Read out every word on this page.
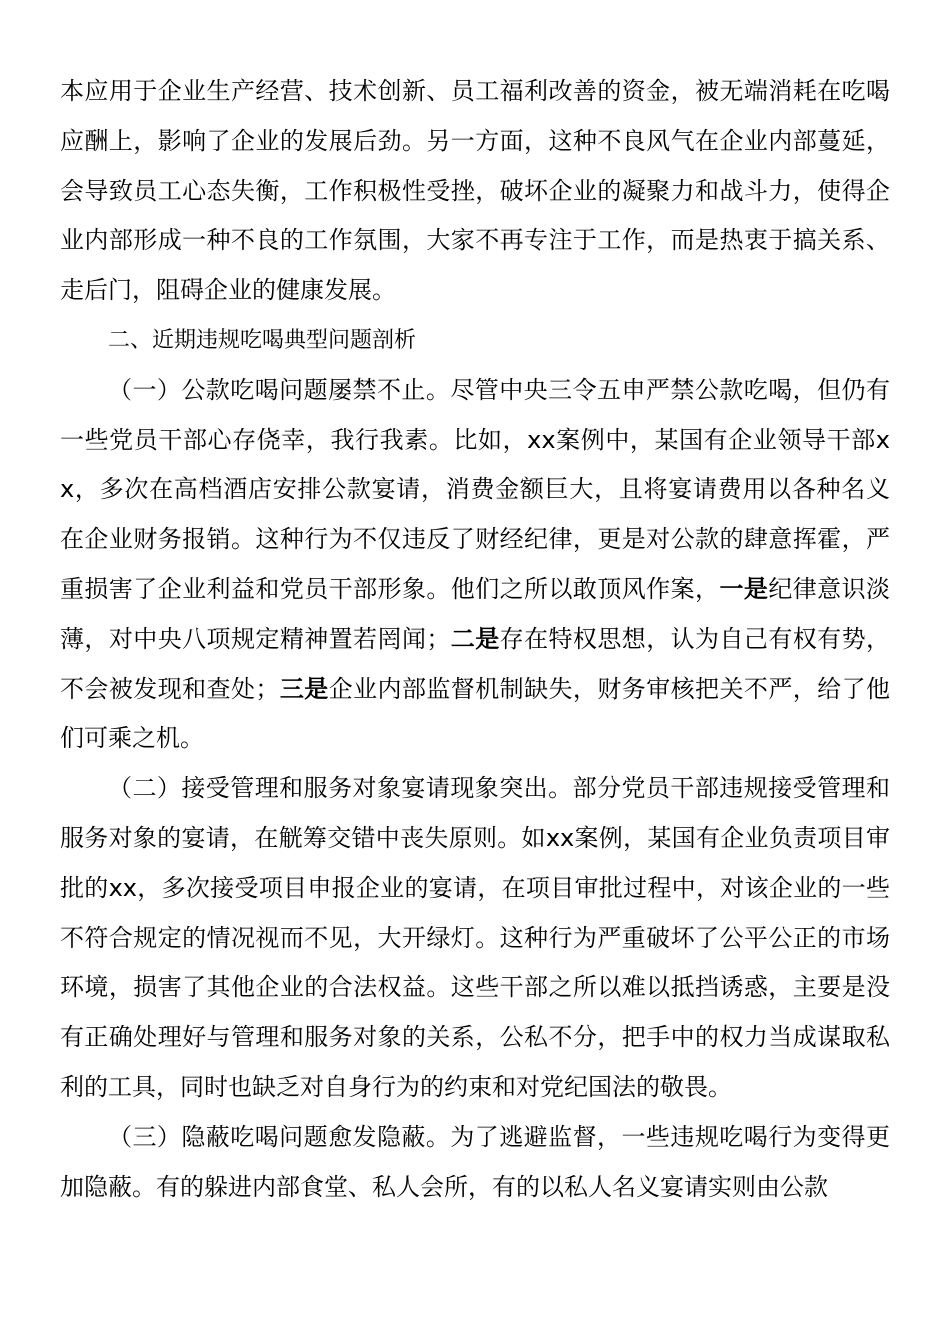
本应用于企业生产经营、技术创新、员工福利改善的资金，被无端消耗在吃喝应酬上，影响了企业的发展后劲。另一方面，这种不良风气在企业内部蔓延，会导致员工心态失衡，工作积极性受挫，破坏企业的凝聚力和战斗力，使得企业内部形成一种不良的工作氛围，大家不再专注于工作，而是热衷于搞关系、走后门，阻碍企业的健康发展。

二、近期违规吃喝典型问题剖析

（一）公款吃喝问题屡禁不止。尽管中央三令五申严禁公款吃喝，但仍有一些党员干部心存侥幸，我行我素。比如，xx案例中，某国有企业领导干部xx，多次在高档酒店安排公款宴请，消费金额巨大，且将宴请费用以各种名义在企业财务报销。这种行为不仅违反了财经纪律，更是对公款的肆意挥霍，严重损害了企业利益和党员干部形象。他们之所以敢顶风作案，一是纪律意识淡薄，对中央八项规定精神置若罔闻；二是存在特权思想，认为自己有权有势，不会被发现和查处；三是企业内部监督机制缺失，财务审核把关不严，给了他们可乘之机。

（二）接受管理和服务对象宴请现象突出。部分党员干部违规接受管理和服务对象的宴请，在觥筹交错中丧失原则。如xx案例，某国有企业负责项目审批的xx，多次接受项目申报企业的宴请，在项目审批过程中，对该企业的一些不符合规定的情况视而不见，大开绿灯。这种行为严重破坏了公平公正的市场环境，损害了其他企业的合法权益。这些干部之所以难以抵挡诱惑，主要是没有正确处理好与管理和服务对象的关系，公私不分，把手中的权力当成谋取私利的工具，同时也缺乏对自身行为的约束和对党纪国法的敬畏。

（三）隐蔽吃喝问题愈发隐蔽。为了逃避监督，一些违规吃喝行为变得更加隐蔽。有的躲进内部食堂、私人会所，有的以私人名义宴请实则由公款
